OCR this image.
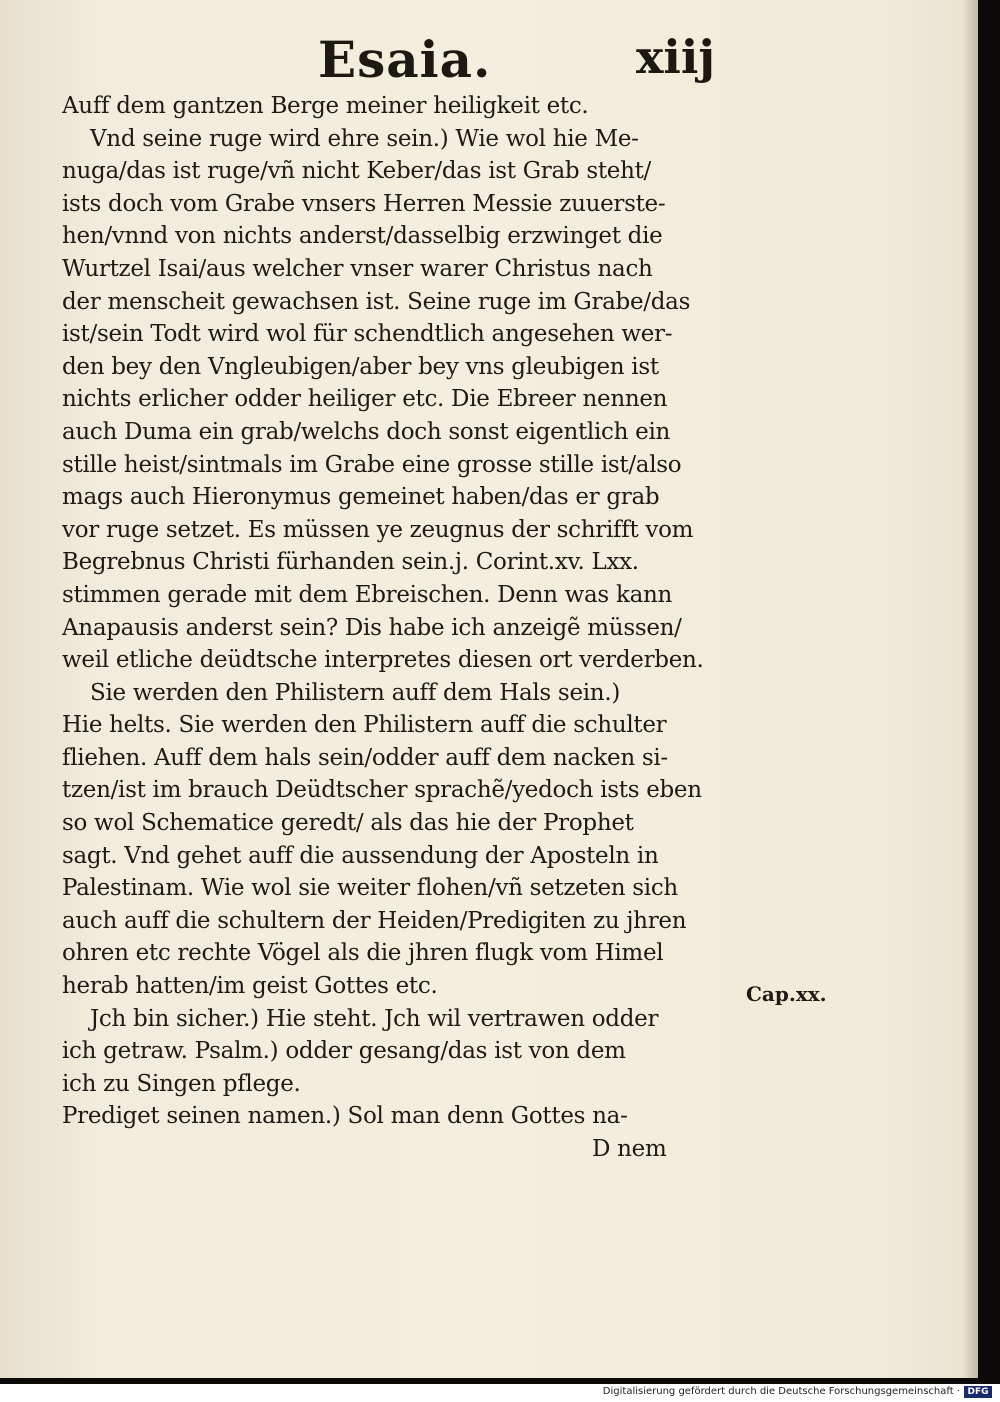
Esaia.	xiij
Auff dem gantzen Berge meiner heiligkeit etc.
Vnd seine ruge wird ehre sein.) Wie wol hie Me-
nuga/das ist ruge/vñ nicht Keber/das ist Grab steht/
ists doch vom Grabe vnsers Herren Messie zuuerste-
hen/vnnd von nichts anderst/dasselbig erzwinget die
Wurtzel Isai/aus welcher vnser warer Christus nach
der menscheit gewachsen ist. Seine ruge im Grabe/das
ist/sein Todt wird wol für schendtlich angesehen wer-
den bey den Vngleubigen/aber bey vns gleubigen ist
nichts erlicher odder heiliger etc. Die Ebreer nennen
auch Duma ein grab/welchs doch sonst eigentlich ein
stille heist/sintmals im Grabe eine grosse stille ist/also
mags auch Hieronymus gemeinet haben/das er grab
vor ruge setzet. Es müssen ye zeugnus der schrifft vom
Begrebnus Christi fürhanden sein.j. Corint.xv. Lxx.
stimmen gerade mit dem Ebreischen. Denn was kann
Anapausis anderst sein? Dis habe ich anzeigẽ müssen/
weil etliche deüdtsche interpretes diesen ort verderben.
Sie werden den Philistern auff dem Hals sein.)
Hie helts. Sie werden den Philistern auff die schulter
fliehen. Auff dem hals sein/odder auff dem nacken si-
tzen/ist im brauch Deüdtscher sprachẽ/yedoch ists eben
so wol Schematice geredt/ als das hie der Prophet
sagt. Vnd gehet auff die aussendung der Aposteln in
Palestinam. Wie wol sie weiter flohen/vñ setzeten sich
auch auff die schultern der Heiden/Predigiten zu jhren
ohren etc rechte Vögel als die jhren flugk vom Himel
herab hatten/im geist Gottes etc.
Jch bin sicher.) Hie steht. Jch wil vertrawen odder
ich getraw. Psalm.) odder gesang/das ist von dem
ich zu Singen pflege.
Prediget seinen namen.) Sol man denn Gottes na-
D nem
Cap.xx.
Digitalisierung gefördert durch die Deutsche Forschungsgemeinschaft · DFG
